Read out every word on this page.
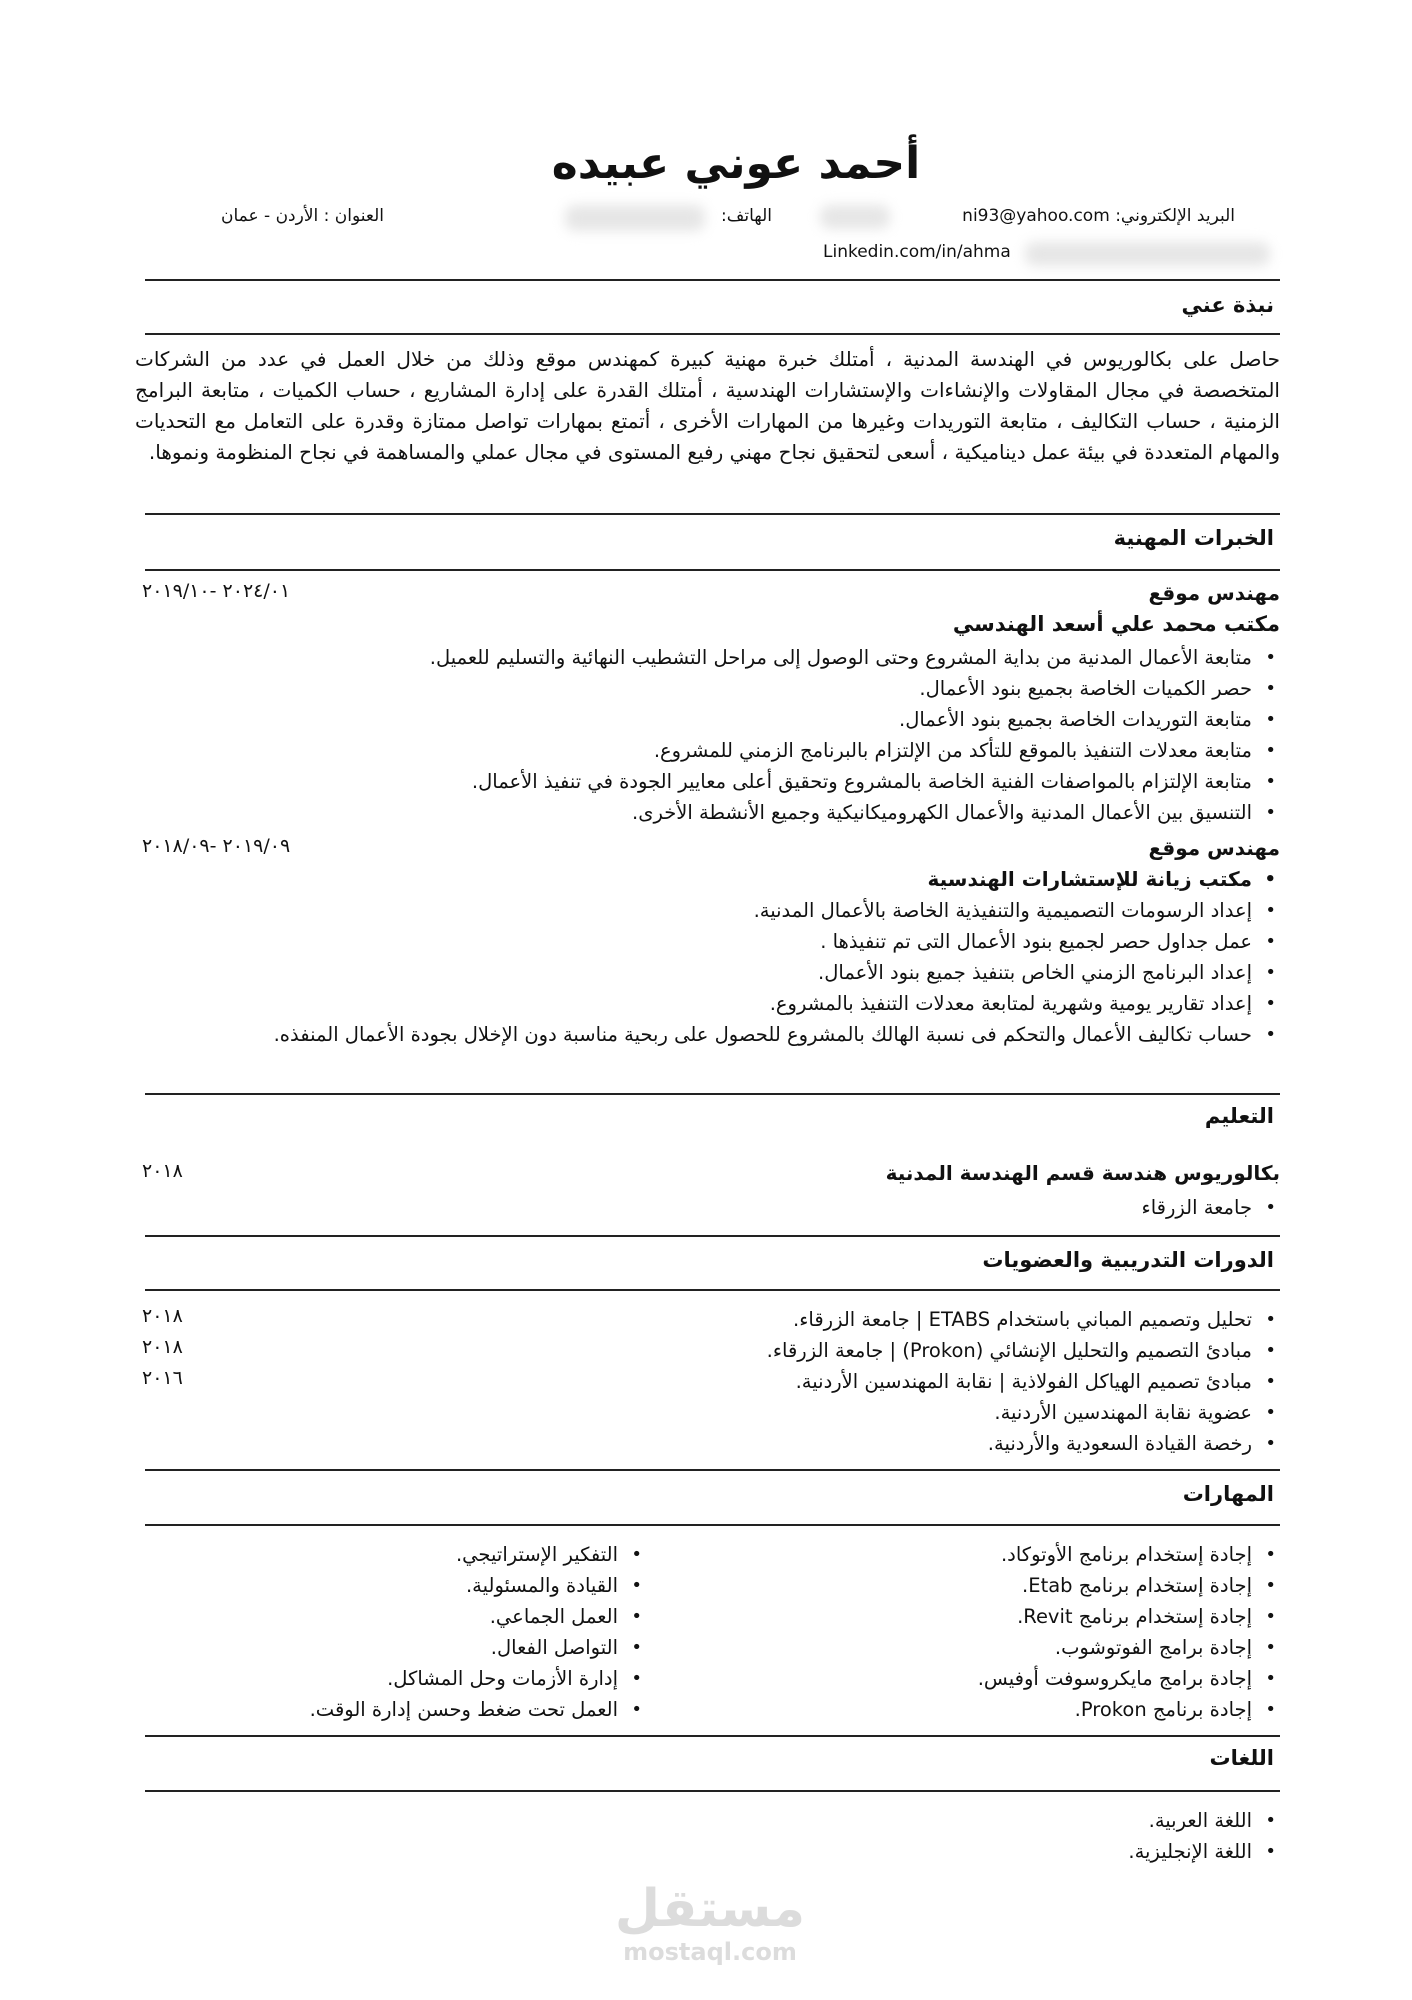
أحمد عوني عبيده
البريد الإلكتروني: ni93@yahoo.com
الهاتف:
العنوان : الأردن - عمان
Linkedin.com/in/ahma
نبذة عني
حاصل على بكالوريوس في الهندسة المدنية ، أمتلك خبرة مهنية كبيرة كمهندس موقع وذلك من خلال العمل في عدد من الشركات المتخصصة في مجال المقاولات والإنشاءات والإستشارات الهندسية ، أمتلك القدرة على إدارة المشاريع ، حساب الكميات ، متابعة البرامج الزمنية ، حساب التكاليف ، متابعة التوريدات وغيرها من المهارات الأخرى ، أتمتع بمهارات تواصل ممتازة وقدرة على التعامل مع التحديات والمهام المتعددة في بيئة عمل ديناميكية ، أسعى لتحقيق نجاح مهني رفيع المستوى في مجال عملي والمساهمة في نجاح المنظومة ونموها.
الخبرات المهنية
مهندس موقع
٢٠٢٤/٠١ -٢٠١٩/١٠
مكتب محمد علي أسعد الهندسي
• متابعة الأعمال المدنية من بداية المشروع وحتى الوصول إلى مراحل التشطيب النهائية والتسليم للعميل.
• حصر الكميات الخاصة بجميع بنود الأعمال.
• متابعة التوريدات الخاصة بجميع بنود الأعمال.
• متابعة معدلات التنفيذ بالموقع للتأكد من الإلتزام بالبرنامج الزمني للمشروع.
• متابعة الإلتزام بالمواصفات الفنية الخاصة بالمشروع وتحقيق أعلى معايير الجودة في تنفيذ الأعمال.
• التنسيق بين الأعمال المدنية والأعمال الكهروميكانيكية وجميع الأنشطة الأخرى.
مهندس موقع
٢٠١٩/٠٩ -٢٠١٨/٠٩
• مكتب زيانة للإستشارات الهندسية
• إعداد الرسومات التصميمية والتنفيذية الخاصة بالأعمال المدنية.
• عمل جداول حصر لجميع بنود الأعمال التى تم تنفيذها .
• إعداد البرنامج الزمني الخاص بتنفيذ جميع بنود الأعمال.
• إعداد تقارير يومية وشهرية لمتابعة معدلات التنفيذ بالمشروع.
• حساب تكاليف الأعمال والتحكم فى نسبة الهالك بالمشروع للحصول على ربحية مناسبة دون الإخلال بجودة الأعمال المنفذه.
التعليم
بكالوريوس هندسة قسم الهندسة المدنية
٢٠١٨
• جامعة الزرقاء
الدورات التدريبية والعضويات
• تحليل وتصميم المباني باستخدام ETABS | جامعة الزرقاء.
• مبادئ التصميم والتحليل الإنشائي (Prokon) | جامعة الزرقاء.
• مبادئ تصميم الهياكل الفولاذية | نقابة المهندسين الأردنية.
• عضوية نقابة المهندسين الأردنية.
• رخصة القيادة السعودية والأردنية.
٢٠١٨
٢٠١٨
٢٠١٦
المهارات
• إجادة إستخدام برنامج الأوتوكاد.
• إجادة إستخدام برنامج Etab.
• إجادة إستخدام برنامج Revit.
• إجادة برامج الفوتوشوب.
• إجادة برامج مايكروسوفت أوفيس.
• إجادة برنامج Prokon.
• التفكير الإستراتيجي.
• القيادة والمسئولية.
• العمل الجماعي.
• التواصل الفعال.
• إدارة الأزمات وحل المشاكل.
• العمل تحت ضغط وحسن إدارة الوقت.
اللغات
• اللغة العربية.
• اللغة الإنجليزية.
مستقل
mostaql.com
